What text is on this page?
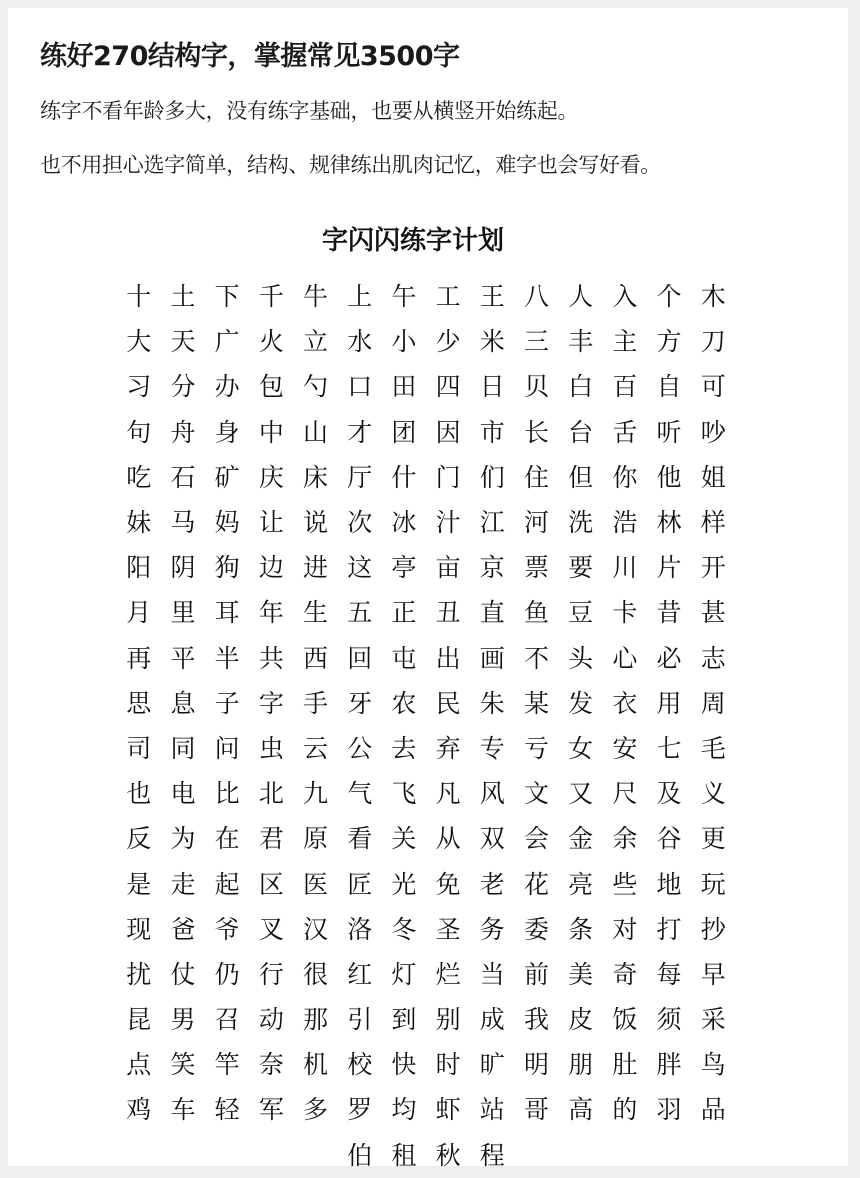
练好270结构字，掌握常见3500字
练字不看年龄多大，没有练字基础，也要从横竖开始练起。
也不用担心选字简单，结构、规律练出肌肉记忆，难字也会写好看。
字闪闪练字计划
十 土 下 千 牛 上 午 工 王 八 人 入 个 木
大 天 广 火 立 水 小 少 米 三 丰 主 方 刀
习 分 办 包 勺 口 田 四 日 贝 白 百 自 可
句 舟 身 中 山 才 团 因 市 长 台 舌 听 吵
吃 石 矿 庆 床 厅 什 门 们 住 但 你 他 姐
妹 马 妈 让 说 次 冰 汁 江 河 洗 浩 林 样
阳 阴 狗 边 进 这 亭 亩 京 票 要 川 片 开
月 里 耳 年 生 五 正 丑 直 鱼 豆 卡 昔 甚
再 平 半 共 西 回 屯 出 画 不 头 心 必 志
思 息 子 字 手 牙 农 民 朱 某 发 衣 用 周
司 同 问 虫 云 公 去 弃 专 亏 女 安 七 毛
也 电 比 北 九 气 飞 凡 风 文 又 尺 及 义
反 为 在 君 原 看 关 从 双 会 金 余 谷 更
是 走 起 区 医 匠 光 免 老 花 亮 些 地 玩
现 爸 爷 叉 汉 洛 冬 圣 务 委 条 对 打 抄
扰 仗 仍 行 很 红 灯 烂 当 前 美 奇 每 早
昆 男 召 动 那 引 到 别 成 我 皮 饭 须 采
点 笑 竿 奈 机 校 快 时 旷 明 朋 肚 胖 鸟
鸡 车 轻 军 多 罗 均 虾 站 哥 高 的 羽 品
伯 租 秋 程
